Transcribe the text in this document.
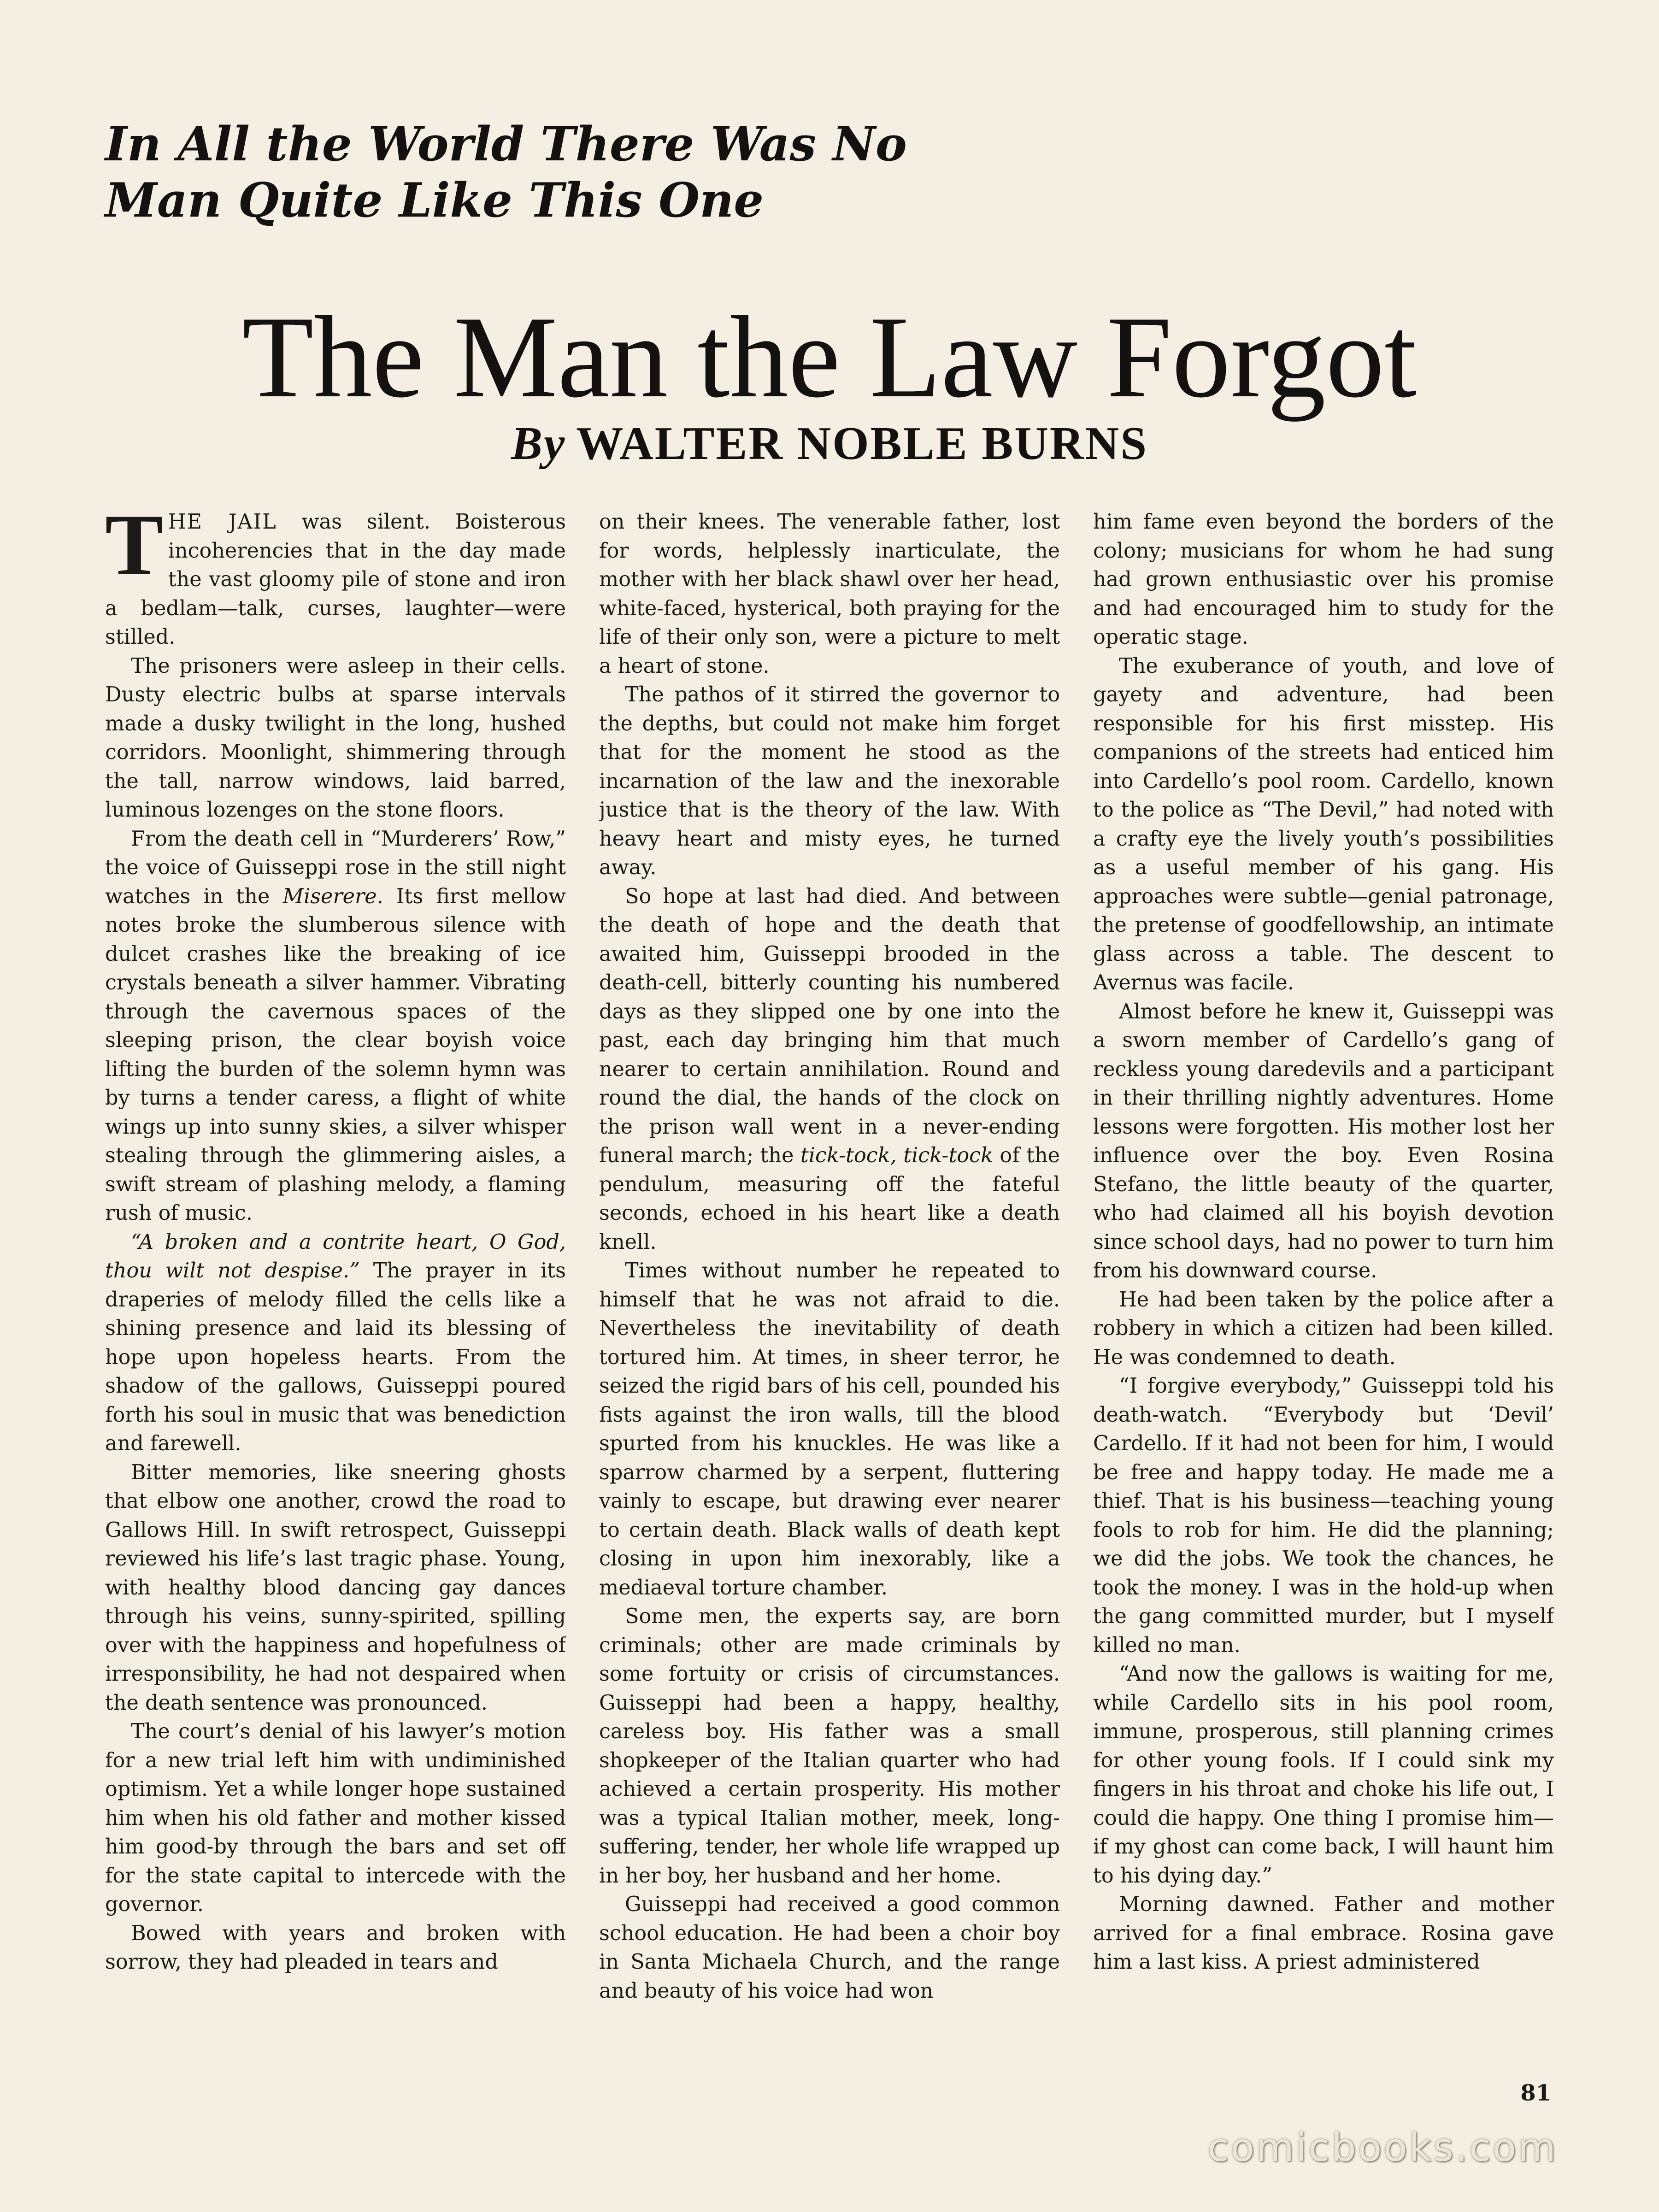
In All the World There Was No
Man Quite Like This One
The Man the Law Forgot
By WALTER NOBLE BURNS

THE JAIL was silent. Boisterous incoherencies that in the day made the vast gloomy pile of stone and iron a bedlam—talk, curses, laughter—were stilled.

The prisoners were asleep in their cells. Dusty electric bulbs at sparse intervals made a dusky twilight in the long, hushed corridors. Moonlight, shimmering through the tall, narrow windows, laid barred, luminous lozenges on the stone floors.

From the death cell in “Murderers’ Row,” the voice of Guisseppi rose in the still night watches in the Miserere. Its first mellow notes broke the slumberous silence with dulcet crashes like the breaking of ice crystals beneath a silver hammer. Vibrating through the cavernous spaces of the sleeping prison, the clear boyish voice lifting the burden of the solemn hymn was by turns a tender caress, a flight of white wings up into sunny skies, a silver whisper stealing through the glimmering aisles, a swift stream of plashing melody, a flaming rush of music.

“A broken and a contrite heart, O God, thou wilt not despise.” The prayer in its draperies of melody filled the cells like a shining presence and laid its blessing of hope upon hopeless hearts. From the shadow of the gallows, Guisseppi poured forth his soul in music that was benediction and farewell.

Bitter memories, like sneering ghosts that elbow one another, crowd the road to Gallows Hill. In swift retrospect, Guisseppi reviewed his life’s last tragic phase. Young, with healthy blood dancing gay dances through his veins, sunny-spirited, spilling over with the happiness and hopefulness of irresponsibility, he had not despaired when the death sentence was pronounced.

The court’s denial of his lawyer’s motion for a new trial left him with undiminished optimism. Yet a while longer hope sustained him when his old father and mother kissed him good-by through the bars and set off for the state capital to intercede with the governor.

Bowed with years and broken with sorrow, they had pleaded in tears and

on their knees. The venerable father, lost for words, helplessly inarticulate, the mother with her black shawl over her head, white-faced, hysterical, both praying for the life of their only son, were a picture to melt a heart of stone.

The pathos of it stirred the governor to the depths, but could not make him forget that for the moment he stood as the incarnation of the law and the inexorable justice that is the theory of the law. With heavy heart and misty eyes, he turned away.

So hope at last had died. And between the death of hope and the death that awaited him, Guisseppi brooded in the death-cell, bitterly counting his numbered days as they slipped one by one into the past, each day bringing him that much nearer to certain annihilation. Round and round the dial, the hands of the clock on the prison wall went in a never-ending funeral march; the tick-tock, tick-tock of the pendulum, measuring off the fateful seconds, echoed in his heart like a death knell.

Times without number he repeated to himself that he was not afraid to die. Nevertheless the inevitability of death tortured him. At times, in sheer terror, he seized the rigid bars of his cell, pounded his fists against the iron walls, till the blood spurted from his knuckles. He was like a sparrow charmed by a serpent, fluttering vainly to escape, but drawing ever nearer to certain death. Black walls of death kept closing in upon him inexorably, like a mediaeval torture chamber.

Some men, the experts say, are born criminals; other are made criminals by some fortuity or crisis of circumstances. Guisseppi had been a happy, healthy, careless boy. His father was a small shopkeeper of the Italian quarter who had achieved a certain prosperity. His mother was a typical Italian mother, meek, long-suffering, tender, her whole life wrapped up in her boy, her husband and her home.

Guisseppi had received a good common school education. He had been a choir boy in Santa Michaela Church, and the range and beauty of his voice had won

him fame even beyond the borders of the colony; musicians for whom he had sung had grown enthusiastic over his promise and had encouraged him to study for the operatic stage.

The exuberance of youth, and love of gayety and adventure, had been responsible for his first misstep. His companions of the streets had enticed him into Cardello’s pool room. Cardello, known to the police as “The Devil,” had noted with a crafty eye the lively youth’s possibilities as a useful member of his gang. His approaches were subtle—genial patronage, the pretense of goodfellowship, an intimate glass across a table. The descent to Avernus was facile.

Almost before he knew it, Guisseppi was a sworn member of Cardello’s gang of reckless young daredevils and a participant in their thrilling nightly adventures. Home lessons were forgotten. His mother lost her influence over the boy. Even Rosina Stefano, the little beauty of the quarter, who had claimed all his boyish devotion since school days, had no power to turn him from his downward course.

He had been taken by the police after a robbery in which a citizen had been killed. He was condemned to death.

“I forgive everybody,” Guisseppi told his death-watch. “Everybody but ‘Devil’ Cardello. If it had not been for him, I would be free and happy today. He made me a thief. That is his business—teaching young fools to rob for him. He did the planning; we did the jobs. We took the chances, he took the money. I was in the hold-up when the gang committed murder, but I myself killed no man.

“And now the gallows is waiting for me, while Cardello sits in his pool room, immune, prosperous, still planning crimes for other young fools. If I could sink my fingers in his throat and choke his life out, I could die happy. One thing I promise him—if my ghost can come back, I will haunt him to his dying day.”

Morning dawned. Father and mother arrived for a final embrace. Rosina gave him a last kiss. A priest administered

81
comicbooks.com
